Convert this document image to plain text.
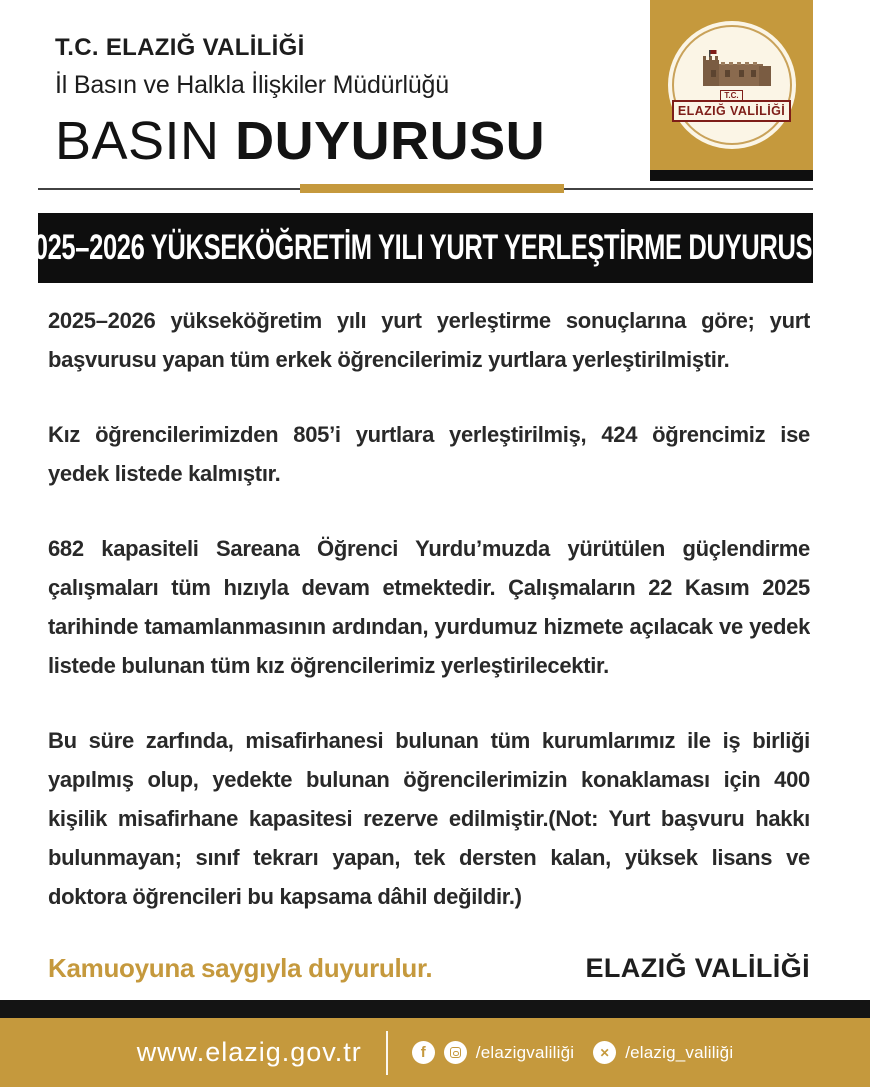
T.C.
ELAZIĞ VALİLİĞİ
T.C. ELAZIĞ VALİLİĞİ
İl Basın ve Halkla İlişkiler Müdürlüğü
BASIN DUYURUSU
2025–2026 YÜKSEKÖĞRETİM YILI YURT YERLEŞTİRME DUYURUSU

2025–2026 yükseköğretim yılı yurt yerleştirme sonuçlarına göre; yurt başvurusu yapan tüm erkek öğrencilerimiz yurtlara yerleştirilmiştir.

Kız öğrencilerimizden 805’i yurtlara yerleştirilmiş, 424 öğrencimiz ise yedek listede kalmıştır.

682 kapasiteli Sareana Öğrenci Yurdu’muzda yürütülen güçlendirme çalışmaları tüm hızıyla devam etmektedir. Çalışmaların 22 Kasım 2025 tarihinde tamamlanmasının ardından, yurdumuz hizmete açılacak ve yedek listede bulunan tüm kız öğrencilerimiz yerleştirilecektir.

Bu süre zarfında, misafirhanesi bulunan tüm kurumlarımız ile iş birliği yapılmış olup, yedekte bulunan öğrencilerimizin konaklaması için 400 kişilik misafirhane kapasitesi rezerve edilmiştir.(Not: Yurt başvuru hakkı bulunmayan; sınıf tekrarı yapan, tek dersten kalan, yüksek lisans ve doktora öğrencileri bu kapsama dâhil değildir.)

Kamuoyuna saygıyla duyurulur.	ELAZIĞ VALİLİĞİ
www.elazig.gov.tr	f	/elazigvaliliği	✕ /elazig_valiliği
